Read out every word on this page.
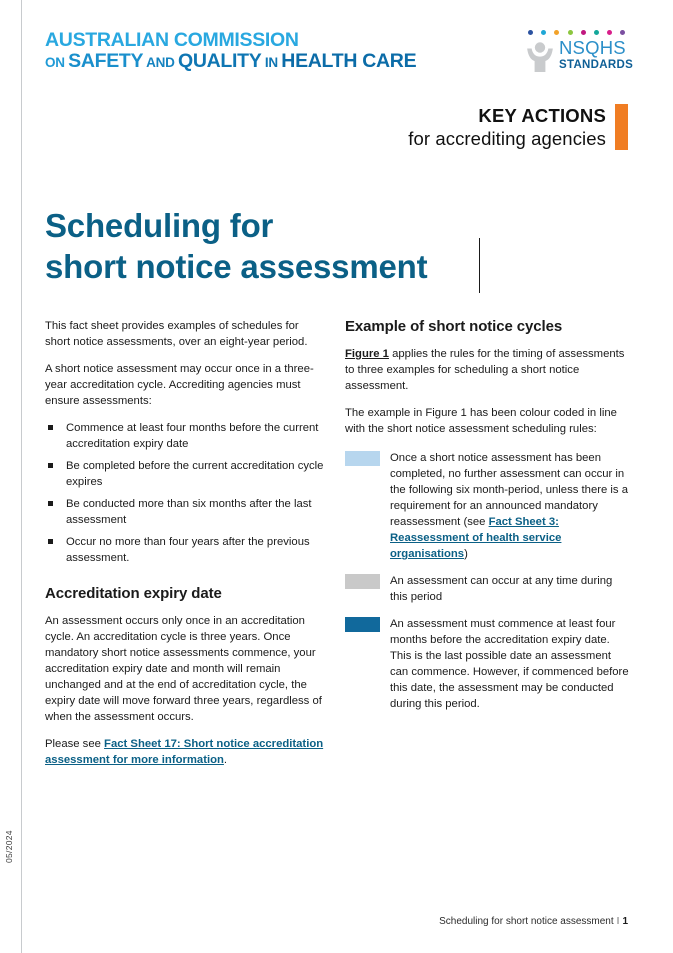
AUSTRALIAN COMMISSION
ON SAFETY AND QUALITY IN HEALTH CARE
NSQHS
STANDARDS
KEY ACTIONS
for accrediting agencies
Scheduling for
short notice assessment

This fact sheet provides examples of schedules for short notice assessments, over an eight-year period.

A short notice assessment may occur once in a three-year accreditation cycle. Accrediting agencies must ensure assessments:

Commence at least four months before the current accreditation expiry date
Be completed before the current accreditation cycle expires
Be conducted more than six months after the last assessment
Occur no more than four years after the previous assessment.
Accreditation expiry date

An assessment occurs only once in an accreditation cycle. An accreditation cycle is three years. Once mandatory short notice assessments commence, your accreditation expiry date and month will remain unchanged and at the end of accreditation cycle, the expiry date will move forward three years, regardless of when the assessment occurs.

Please see Fact Sheet 17: Short notice accreditation assessment for more information.

Example of short notice cycles

Figure 1 applies the rules for the timing of assessments to three examples for scheduling a short notice assessment.

The example in Figure 1 has been colour coded in line with the short notice assessment scheduling rules:

Once a short notice assessment has been completed, no further assessment can occur in the following six month-period, unless there is a requirement for an announced mandatory reassessment (see Fact Sheet 3: Reassessment of health service organisations)
An assessment can occur at any time during this period
An assessment must commence at least four months before the accreditation expiry date. This is the last possible date an assessment can commence. However, if commenced before this date, the assessment may be conducted during this period.
Scheduling for short notice assessment I 1
05/2024
